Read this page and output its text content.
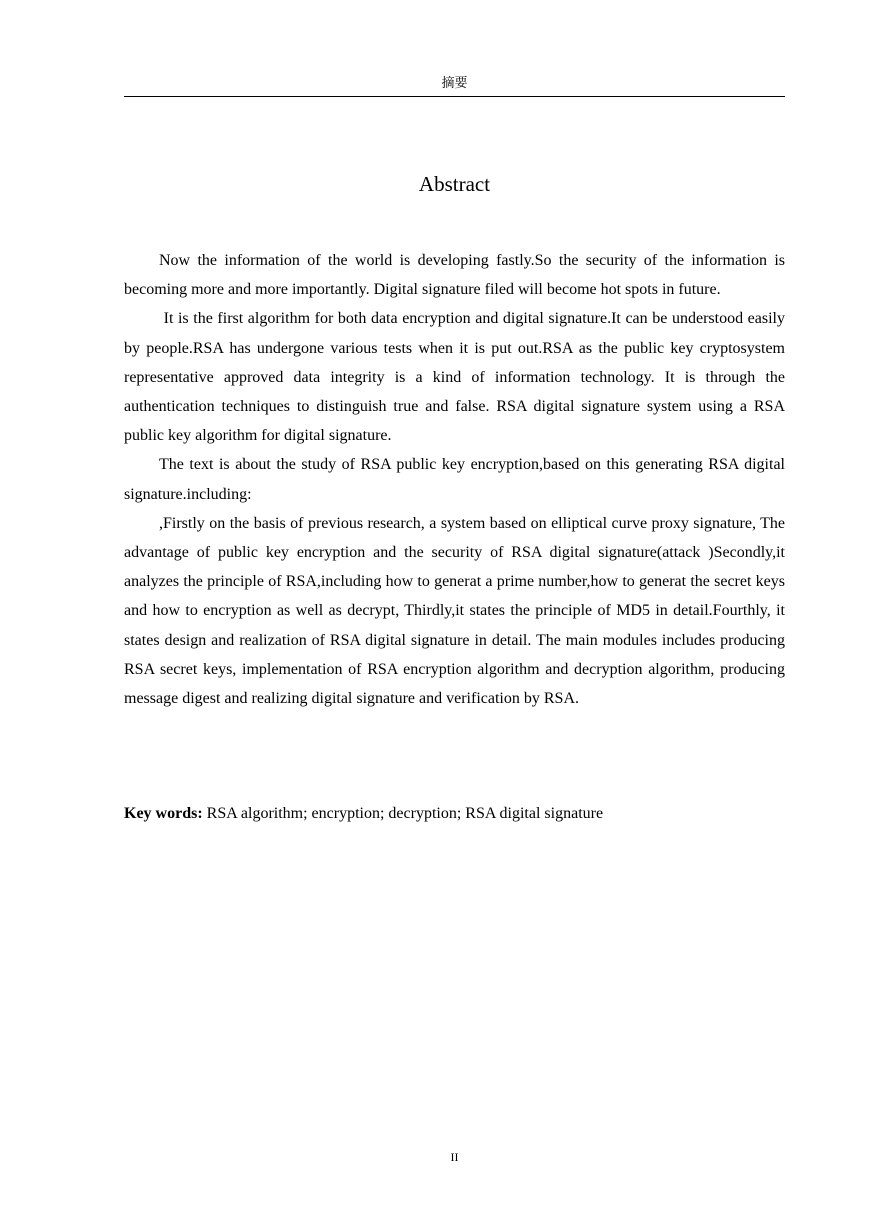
摘要
Abstract

Now the information of the world is developing fastly.So the security of the information is becoming more and more importantly. Digital signature filed will become hot spots in future.

It is the first algorithm for both data encryption and digital signature.It can be understood easily by people.RSA has undergone various tests when it is put out.RSA as the public key cryptosystem representative approved data integrity is a kind of information technology. It is through the authentication techniques to distinguish true and false. RSA digital signature system using a RSA public key algorithm for digital signature.

The text is about the study of RSA public key encryption,based on this generating RSA digital signature.including:

,Firstly on the basis of previous research, a system based on elliptical curve proxy signature, The advantage of public key encryption and the security of RSA digital signature(attack )Secondly,it analyzes the principle of RSA,including how to generat a prime number,how to generat the secret keys and how to encryption as well as decrypt, Thirdly,it states the principle of MD5 in detail.Fourthly, it states design and realization of RSA digital signature in detail. The main modules includes producing RSA secret keys, implementation of RSA encryption algorithm and decryption algorithm, producing message digest and realizing digital signature and verification by RSA.

Key words: RSA algorithm; encryption; decryption; RSA digital signature
II
